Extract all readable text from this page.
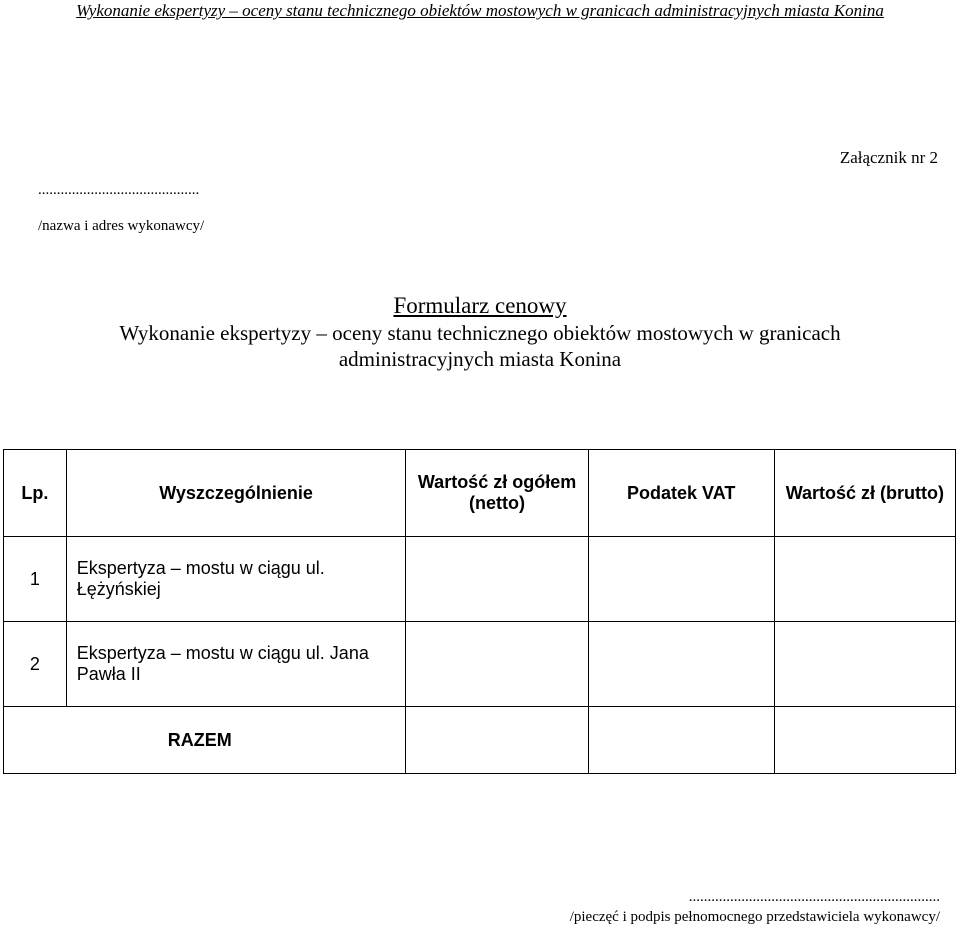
Wykonanie ekspertyzy – oceny stanu technicznego obiektów mostowych w granicach administracyjnych miasta Konina
Załącznik nr 2
...........................................
/nazwa i adres wykonawcy/
Formularz cenowy
Wykonanie ekspertyzy – oceny stanu technicznego obiektów mostowych w granicach administracyjnych miasta Konina
Lp.	Wyszczególnienie	Wartość zł ogółem (netto)	Podatek VAT	Wartość zł (brutto)
1	Ekspertyza – mostu w ciągu ul. Łężyńskiej			
2	Ekspertyza – mostu w ciągu ul. Jana Pawła II			
RAZEM				
...................................................................
/pieczęć i podpis pełnomocnego przedstawiciela wykonawcy/
